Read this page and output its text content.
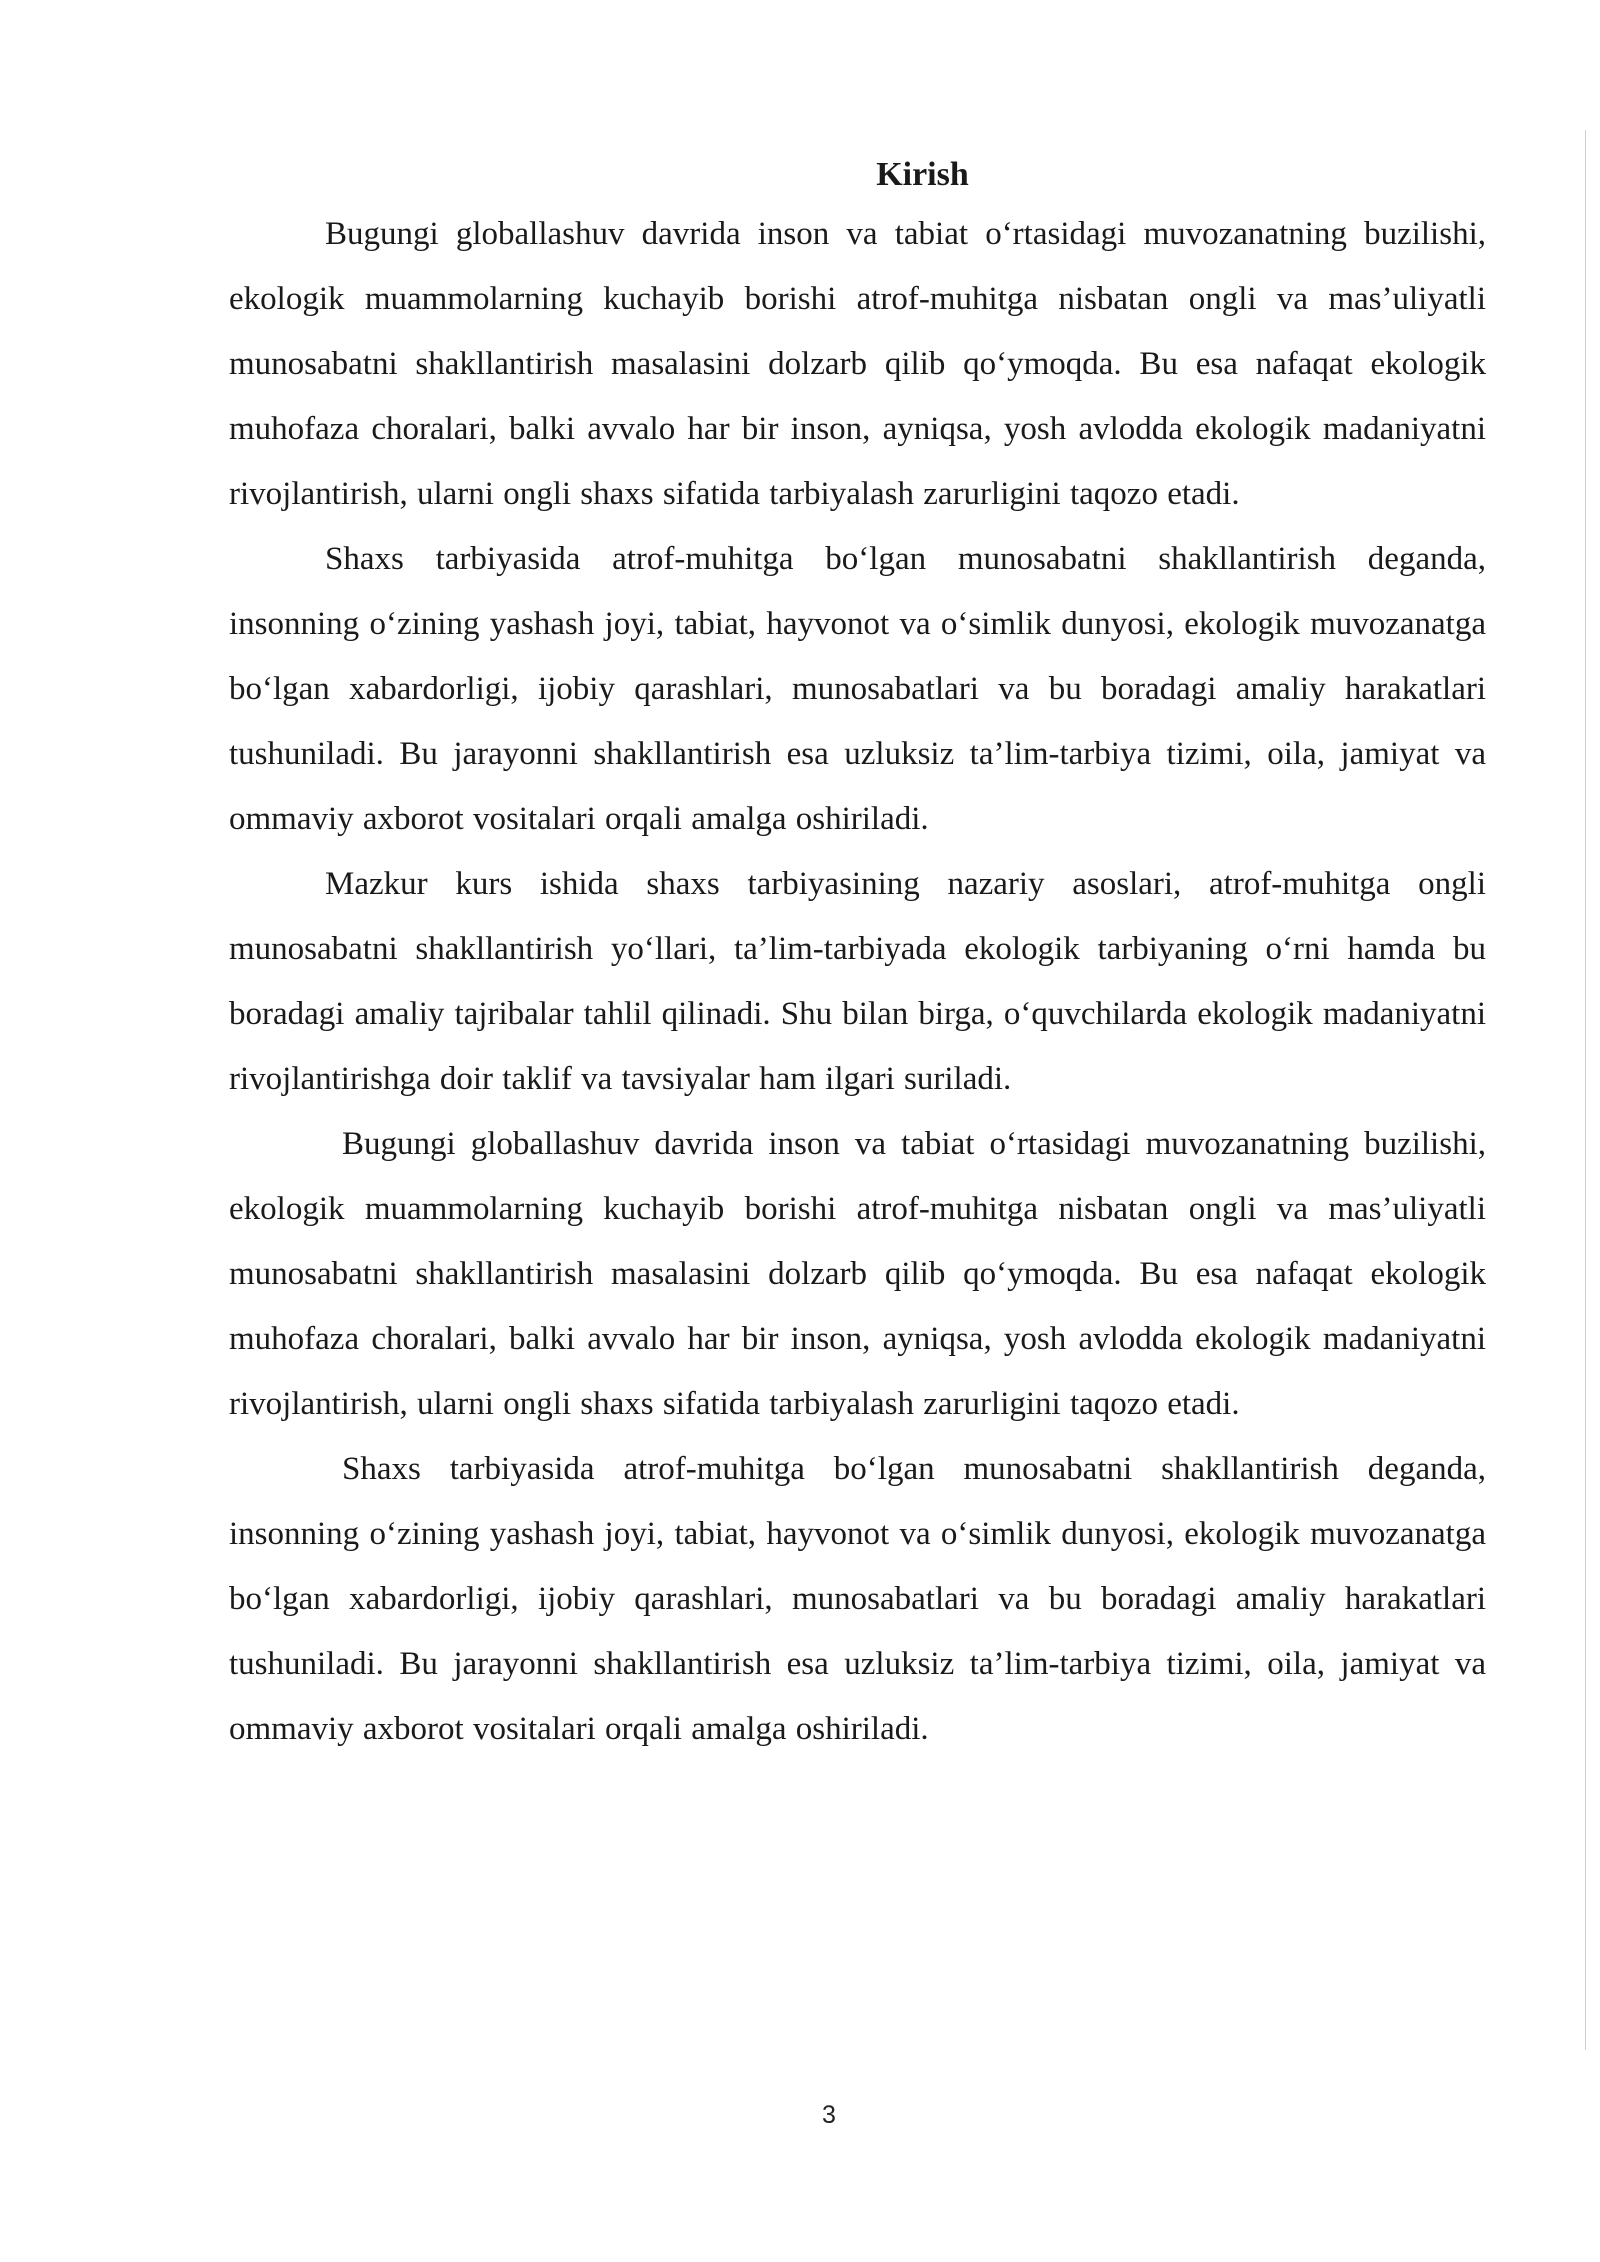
Kirish

Bugungi globallashuv davrida inson va tabiat o‘rtasidagi muvozanatning buzilishi, ekologik muammolarning kuchayib borishi atrof-muhitga nisbatan ongli va mas’uliyatli munosabatni shakllantirish masalasini dolzarb qilib qo‘ymoqda. Bu esa nafaqat ekologik muhofaza choralari, balki avvalo har bir inson, ayniqsa, yosh avlodda ekologik madaniyatni rivojlantirish, ularni ongli shaxs sifatida tarbiyalash zarurligini taqozo etadi.

Shaxs tarbiyasida atrof-muhitga bo‘lgan munosabatni shakllantirish deganda, insonning o‘zining yashash joyi, tabiat, hayvonot va o‘simlik dunyosi, ekologik muvozanatga bo‘lgan xabardorligi, ijobiy qarashlari, munosabatlari va bu boradagi amaliy harakatlari tushuniladi. Bu jarayonni shakllantirish esa uzluksiz ta’lim-tarbiya tizimi, oila, jamiyat va ommaviy axborot vositalari orqali amalga oshiriladi.

Mazkur kurs ishida shaxs tarbiyasining nazariy asoslari, atrof-muhitga ongli munosabatni shakllantirish yo‘llari, ta’lim-tarbiyada ekologik tarbiyaning o‘rni hamda bu boradagi amaliy tajribalar tahlil qilinadi. Shu bilan birga, o‘quvchilarda ekologik madaniyatni rivojlantirishga doir taklif va tavsiyalar ham ilgari suriladi.

Bugungi globallashuv davrida inson va tabiat o‘rtasidagi muvozanatning buzilishi, ekologik muammolarning kuchayib borishi atrof-muhitga nisbatan ongli va mas’uliyatli munosabatni shakllantirish masalasini dolzarb qilib qo‘ymoqda. Bu esa nafaqat ekologik muhofaza choralari, balki avvalo har bir inson, ayniqsa, yosh avlodda ekologik madaniyatni rivojlantirish, ularni ongli shaxs sifatida tarbiyalash zarurligini taqozo etadi.

Shaxs tarbiyasida atrof-muhitga bo‘lgan munosabatni shakllantirish deganda, insonning o‘zining yashash joyi, tabiat, hayvonot va o‘simlik dunyosi, ekologik muvozanatga bo‘lgan xabardorligi, ijobiy qarashlari, munosabatlari va bu boradagi amaliy harakatlari tushuniladi. Bu jarayonni shakllantirish esa uzluksiz ta’lim-tarbiya tizimi, oila, jamiyat va ommaviy axborot vositalari orqali amalga oshiriladi.

3
